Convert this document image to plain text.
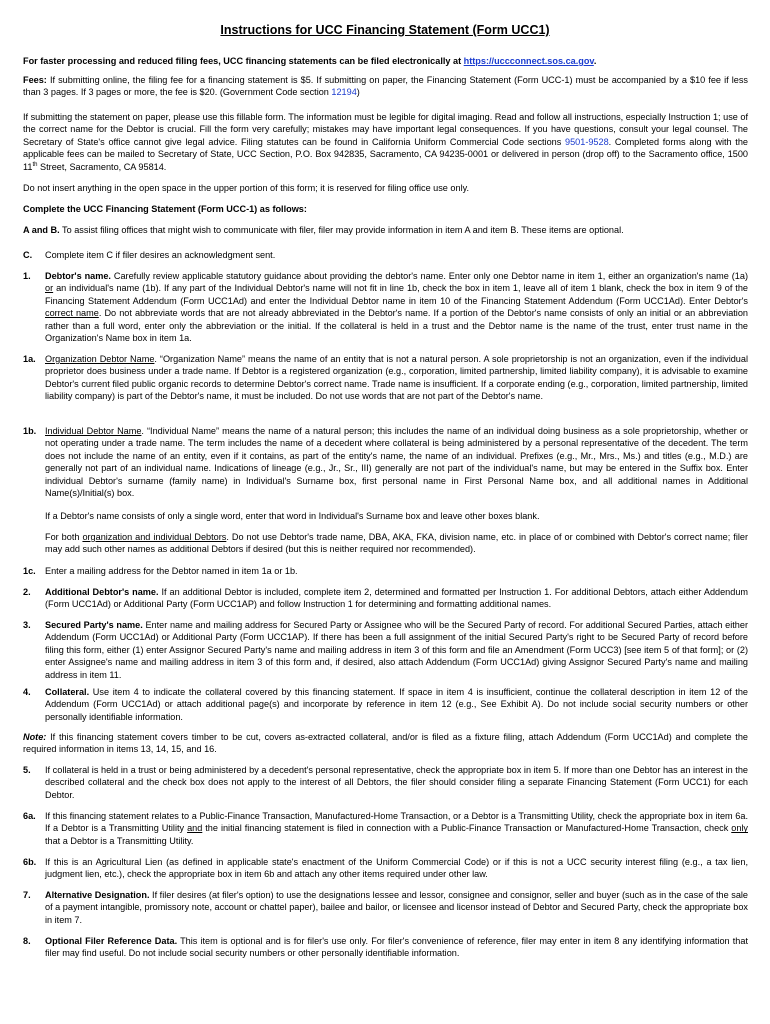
Instructions for UCC Financing Statement (Form UCC1)
For faster processing and reduced filing fees, UCC financing statements can be filed electronically at https://uccconnect.sos.ca.gov.
Fees: If submitting online, the filing fee for a financing statement is $5. If submitting on paper, the Financing Statement (Form UCC-1) must be accompanied by a $10 fee if less than 3 pages. If 3 pages or more, the fee is $20. (Government Code section 12194)
If submitting the statement on paper, please use this fillable form. The information must be legible for digital imaging. Read and follow all instructions, especially Instruction 1; use of the correct name for the Debtor is crucial. Fill the form very carefully; mistakes may have important legal consequences. If you have questions, consult your legal counsel. The Secretary of State's office cannot give legal advice. Filing statutes can be found in California Uniform Commercial Code sections 9501-9528. Completed forms along with the applicable fees can be mailed to Secretary of State, UCC Section, P.O. Box 942835, Sacramento, CA 94235-0001 or delivered in person (drop off) to the Sacramento office, 1500 11th Street, Sacramento, CA 95814.
Do not insert anything in the open space in the upper portion of this form; it is reserved for filing office use only.
Complete the UCC Financing Statement (Form UCC-1) as follows:
A and B. To assist filing offices that might wish to communicate with filer, filer may provide information in item A and item B. These items are optional.
C. Complete item C if filer desires an acknowledgment sent.
1. Debtor's name. Carefully review applicable statutory guidance about providing the debtor's name. Enter only one Debtor name in item 1, either an organization's name (1a) or an individual's name (1b). If any part of the Individual Debtor's name will not fit in line 1b, check the box in item 1, leave all of item 1 blank, check the box in item 9 of the Financing Statement Addendum (Form UCC1Ad) and enter the Individual Debtor name in item 10 of the Financing Statement Addendum (Form UCC1Ad). Enter Debtor's correct name. Do not abbreviate words that are not already abbreviated in the Debtor's name. If a portion of the Debtor's name consists of only an initial or an abbreviation rather than a full word, enter only the abbreviation or the initial. If the collateral is held in a trust and the Debtor name is the name of the trust, enter trust name in the Organization's Name box in item 1a.
1a. Organization Debtor Name. “Organization Name” means the name of an entity that is not a natural person. A sole proprietorship is not an organization, even if the individual proprietor does business under a trade name. If Debtor is a registered organization (e.g., corporation, limited partnership, limited liability company), it is advisable to examine Debtor's current filed public organic records to determine Debtor's correct name. Trade name is insufficient. If a corporate ending (e.g., corporation, limited partnership, limited liability company) is part of the Debtor's name, it must be included. Do not use words that are not part of the Debtor's name.
1b. Individual Debtor Name. “Individual Name” means the name of a natural person; this includes the name of an individual doing business as a sole proprietorship, whether or not operating under a trade name. The term includes the name of a decedent where collateral is being administered by a personal representative of the decedent. The term does not include the name of an entity, even if it contains, as part of the entity's name, the name of an individual. Prefixes (e.g., Mr., Mrs., Ms.) and titles (e.g., M.D.) are generally not part of an individual name. Indications of lineage (e.g., Jr., Sr., III) generally are not part of the individual's name, but may be entered in the Suffix box. Enter individual Debtor's surname (family name) in Individual's Surname box, first personal name in First Personal Name box, and all additional names in Additional Name(s)/Initial(s) box.
If a Debtor's name consists of only a single word, enter that word in Individual's Surname box and leave other boxes blank.
For both organization and individual Debtors. Do not use Debtor's trade name, DBA, AKA, FKA, division name, etc. in place of or combined with Debtor's correct name; filer may add such other names as additional Debtors if desired (but this is neither required nor recommended).
1c. Enter a mailing address for the Debtor named in item 1a or 1b.
2. Additional Debtor's name. If an additional Debtor is included, complete item 2, determined and formatted per Instruction 1. For additional Debtors, attach either Addendum (Form UCC1Ad) or Additional Party (Form UCC1AP) and follow Instruction 1 for determining and formatting additional names.
3. Secured Party's name. Enter name and mailing address for Secured Party or Assignee who will be the Secured Party of record. For additional Secured Parties, attach either Addendum (Form UCC1Ad) or Additional Party (Form UCC1AP). If there has been a full assignment of the initial Secured Party's right to be Secured Party of record before filing this form, either (1) enter Assignor Secured Party's name and mailing address in item 3 of this form and file an Amendment (Form UCC3) [see item 5 of that form]; or (2) enter Assignee's name and mailing address in item 3 of this form and, if desired, also attach Addendum (Form UCC1Ad) giving Assignor Secured Party's name and mailing address in item 11.
4. Collateral. Use item 4 to indicate the collateral covered by this financing statement. If space in item 4 is insufficient, continue the collateral description in item 12 of the Addendum (Form UCC1Ad) or attach additional page(s) and incorporate by reference in item 12 (e.g., See Exhibit A). Do not include social security numbers or other personally identifiable information.
Note: If this financing statement covers timber to be cut, covers as-extracted collateral, and/or is filed as a fixture filing, attach Addendum (Form UCC1Ad) and complete the required information in items 13, 14, 15, and 16.
5. If collateral is held in a trust or being administered by a decedent's personal representative, check the appropriate box in item 5. If more than one Debtor has an interest in the described collateral and the check box does not apply to the interest of all Debtors, the filer should consider filing a separate Financing Statement (Form UCC1) for each Debtor.
6a. If this financing statement relates to a Public-Finance Transaction, Manufactured-Home Transaction, or a Debtor is a Transmitting Utility, check the appropriate box in item 6a. If a Debtor is a Transmitting Utility and the initial financing statement is filed in connection with a Public-Finance Transaction or Manufactured-Home Transaction, check only that a Debtor is a Transmitting Utility.
6b. If this is an Agricultural Lien (as defined in applicable state's enactment of the Uniform Commercial Code) or if this is not a UCC security interest filing (e.g., a tax lien, judgment lien, etc.), check the appropriate box in item 6b and attach any other items required under other law.
7. Alternative Designation. If filer desires (at filer's option) to use the designations lessee and lessor, consignee and consignor, seller and buyer (such as in the case of the sale of a payment intangible, promissory note, account or chattel paper), bailee and bailor, or licensee and licensor instead of Debtor and Secured Party, check the appropriate box in item 7.
8. Optional Filer Reference Data. This item is optional and is for filer's use only. For filer's convenience of reference, filer may enter in item 8 any identifying information that filer may find useful. Do not include social security numbers or other personally identifiable information.
